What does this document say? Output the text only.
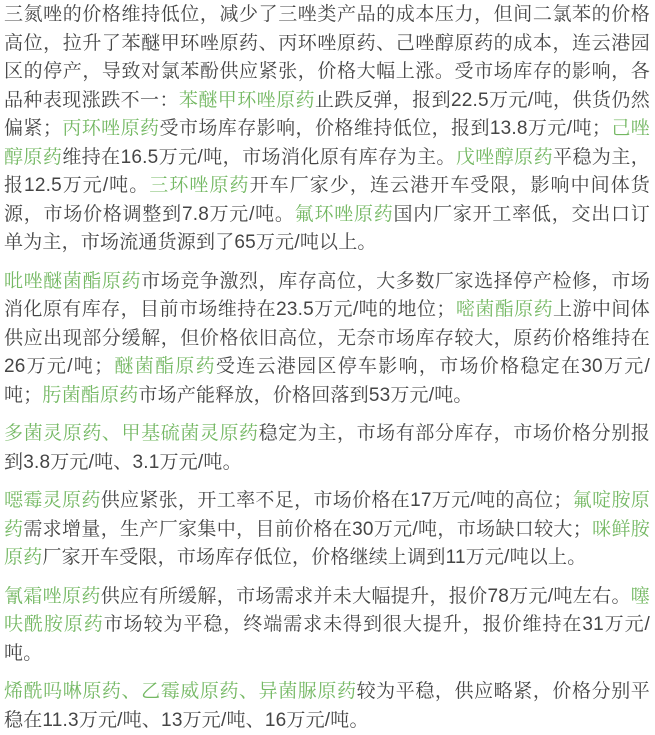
三氮唑的价格维持低位，减少了三唑类产品的成本压力，但间二氯苯的价格高位，拉升了苯醚甲环唑原药、丙环唑原药、己唑醇原药的成本，连云港园区的停产，导致对氯苯酚供应紧张，价格大幅上涨。受市场库存的影响，各品种表现涨跌不一：苯醚甲环唑原药止跌反弹，报到22.5万元/吨，供货仍然偏紧；丙环唑原药受市场库存影响，价格维持低位，报到13.8万元/吨；己唑醇原药维持在16.5万元/吨，市场消化原有库存为主。戊唑醇原药平稳为主，报12.5万元/吨。三环唑原药开车厂家少，连云港开车受限，影响中间体货源，市场价格调整到7.8万元/吨。氟环唑原药国内厂家开工率低，交出口订单为主，市场流通货源到了65万元/吨以上。

吡唑醚菌酯原药市场竞争激烈，库存高位，大多数厂家选择停产检修，市场消化原有库存，目前市场维持在23.5万元/吨的地位；嘧菌酯原药上游中间体供应出现部分缓解，但价格依旧高位，无奈市场库存较大，原药价格维持在26万元/吨；醚菌酯原药受连云港园区停车影响，市场价格稳定在30万元/吨；肟菌酯原药市场产能释放，价格回落到53万元/吨。

多菌灵原药、甲基硫菌灵原药稳定为主，市场有部分库存，市场价格分别报到3.8万元/吨、3.1万元/吨。

噁霉灵原药供应紧张，开工率不足，市场价格在17万元/吨的高位；氟啶胺原药需求增量，生产厂家集中，目前价格在30万元/吨，市场缺口较大；咪鲜胺原药厂家开车受限，市场库存低位，价格继续上调到11万元/吨以上。

氰霜唑原药供应有所缓解，市场需求并未大幅提升，报价78万元/吨左右。噻呋酰胺原药市场较为平稳，终端需求未得到很大提升，报价维持在31万元/吨。

烯酰吗啉原药、乙霉威原药、异菌脲原药较为平稳，供应略紧，价格分别平稳在11.3万元/吨、13万元/吨、16万元/吨。
